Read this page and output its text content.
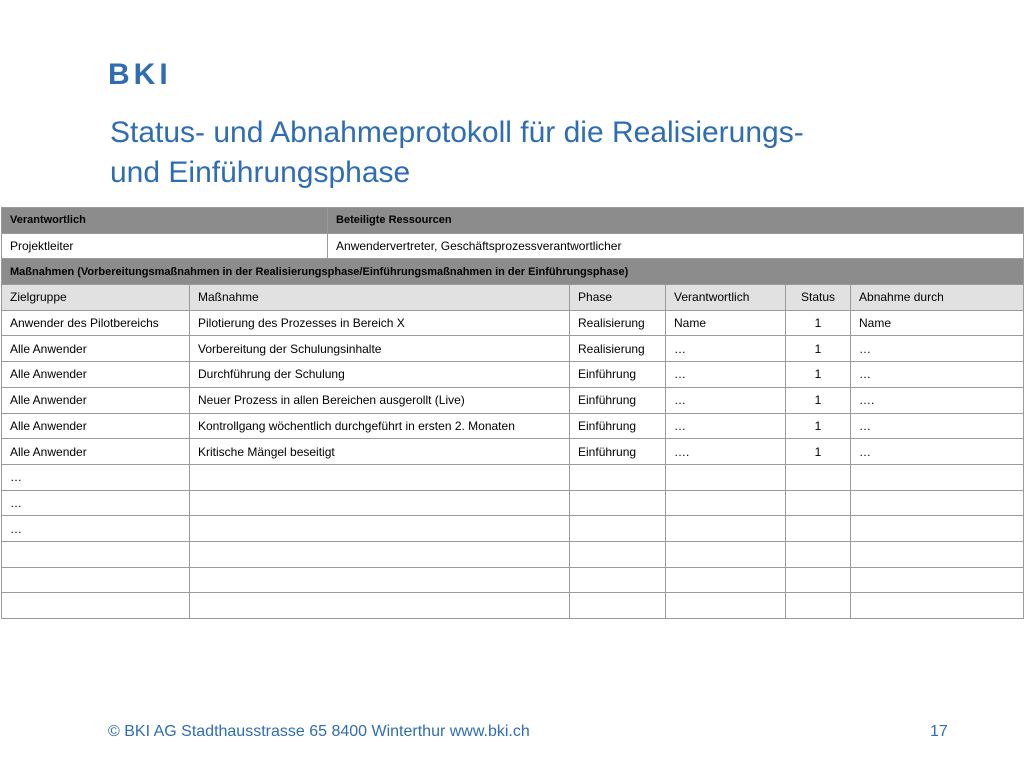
BKI
Status- und Abnahmeprotokoll für die Realisierungs-
und Einführungsphase
Verantwortlich		Beteiligte Ressourcen				
Projektleiter		Anwendervertreter, Geschäftsprozessverantwortlicher				
Maßnahmen (Vorbereitungsmaßnahmen in der Realisierungsphase/Einführungsmaßnahmen in der Einführungsphase)						
Zielgruppe	Maßnahme		Phase	Verantwortlich	Status	Abnahme durch
Anwender des Pilotbereichs	Pilotierung des Prozesses in Bereich X		Realisierung	Name	1	Name
Alle Anwender	Vorbereitung der Schulungsinhalte		Realisierung	…	1	…
Alle Anwender	Durchführung der Schulung		Einführung	…	1	…
Alle Anwender	Neuer Prozess in allen Bereichen ausgerollt (Live)		Einführung	…	1	….
Alle Anwender	Kontrollgang wöchentlich durchgeführt in ersten 2. Monaten		Einführung	…	1	…
Alle Anwender	Kritische Mängel beseitigt		Einführung	….	1	…
…						
…						
…						

© BKI AG Stadthausstrasse 65 8400 Winterthur www.bki.ch	17
